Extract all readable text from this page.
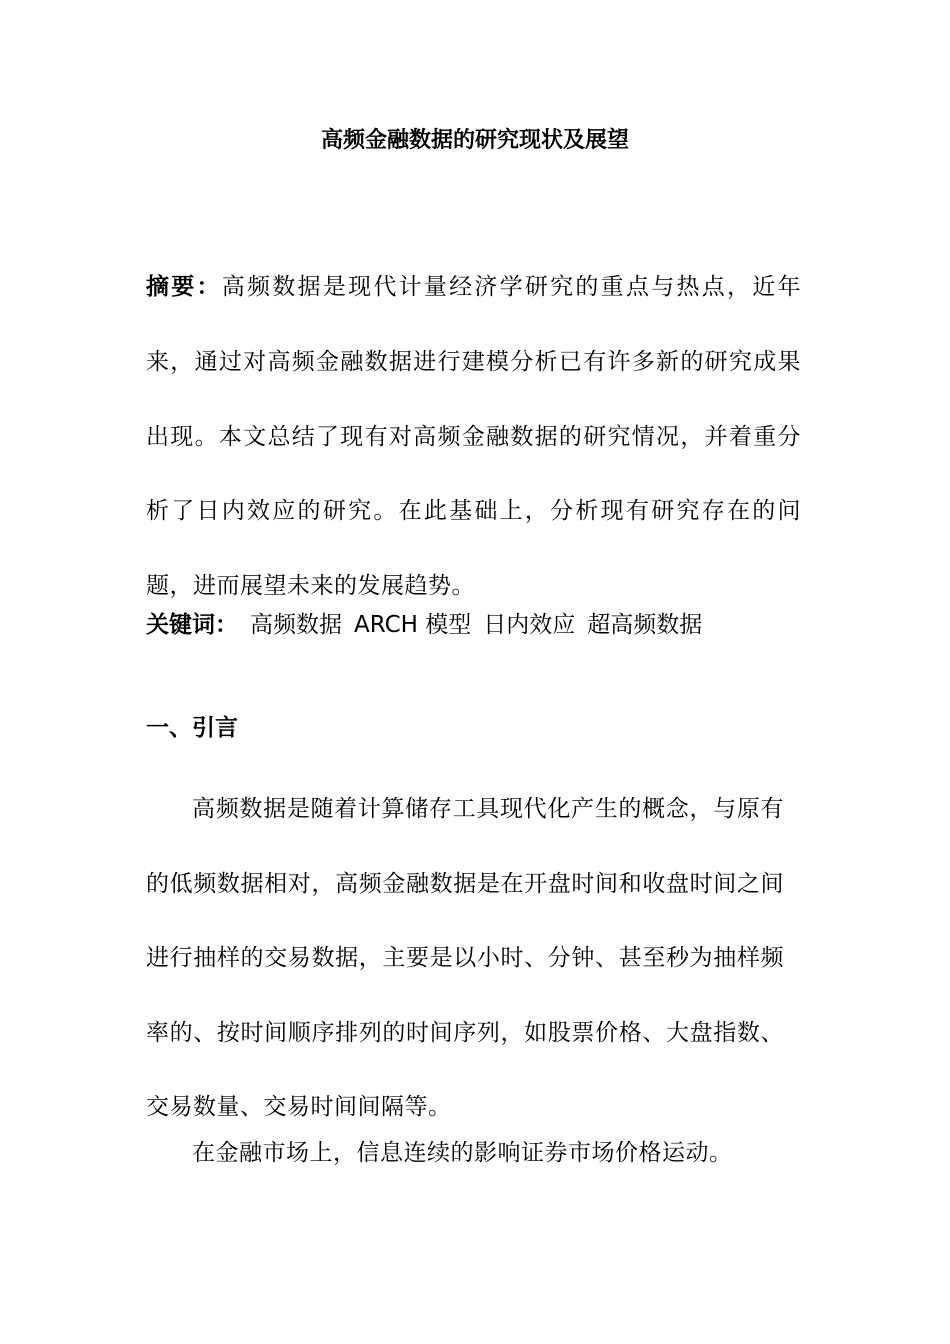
高频金融数据的研究现状及展望

摘要：高频数据是现代计量经济学研究的重点与热点，近年来，通过对高频金融数据进行建模分析已有许多新的研究成果出现。本文总结了现有对高频金融数据的研究情况，并着重分析了日内效应的研究。在此基础上，分析现有研究存在的问题，进而展望未来的发展趋势。

关键词： 高频数据 ARCH 模型 日内效应 超高频数据

一、引言

高频数据是随着计算储存工具现代化产生的概念，与原有的低频数据相对，高频金融数据是在开盘时间和收盘时间之间进行抽样的交易数据，主要是以小时、分钟、甚至秒为抽样频率的、按时间顺序排列的时间序列，如股票价格、大盘指数、交易数量、交易时间间隔等。

在金融市场上，信息连续的影响证券市场价格运动。
